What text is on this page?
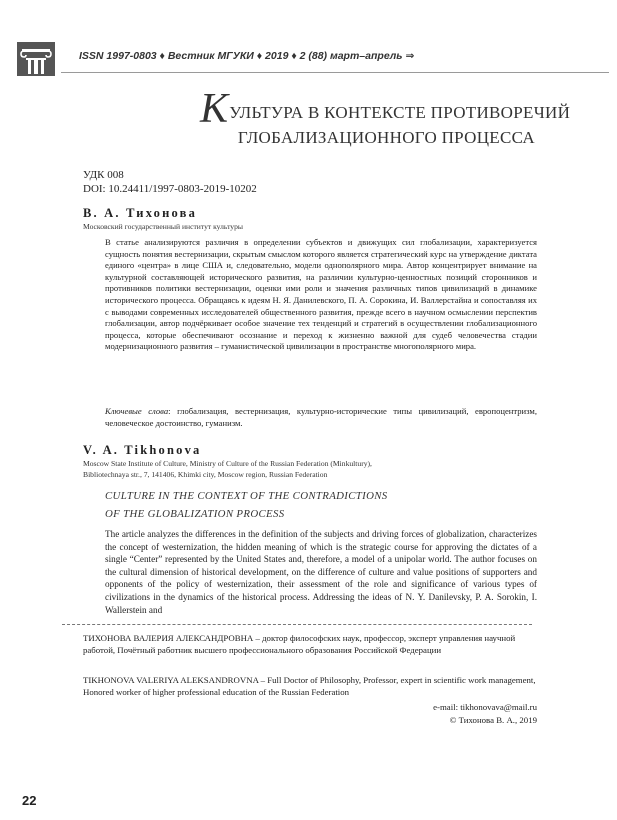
ISSN 1997-0803 ♦ Вестник МГУКИ ♦ 2019 ♦ 2 (88) март–апрель ⇒
КУЛЬТУРА В КОНТЕКСТЕ ПРОТИВОРЕЧИЙ
ГЛОБАЛИЗАЦИОННОГО ПРОЦЕССА
УДК 008
DOI: 10.24411/1997-0803-2019-10202
В. А. Тихонова
Московский государственный институт культуры
В статье анализируются различия в определении субъектов и движущих сил глобализации, характеризуется сущность понятия вестернизации, скрытым смыслом которого является стратегический курс на утверждение диктата единого «центра» в лице США и, следовательно, модели однополярного мира. Автор концентрирует внимание на культурной составляющей исторического развития, на различии культурно-ценностных позиций сторонников и противников политики вестернизации, оценки ими роли и значения различных типов цивилизаций в динамике исторического процесса. Обращаясь к идеям Н. Я. Данилевского, П. А. Сорокина, И. Валлерстайна и сопоставляя их с выводами современных исследователей общественного развития, прежде всего в научном осмыслении перспектив глобализации, автор подчёркивает особое значение тех тенденций и стратегий в осуществлении глобализационного процесса, которые обеспечивают осознание и переход к жизненно важной для судеб человечества стадии модернизационного развития – гуманистической цивилизации в пространстве многополярного мира.
Ключевые слова: глобализация, вестернизация, культурно-исторические типы цивилизаций, европоцентризм, человеческое достоинство, гуманизм.
V. A. Tikhonova
Moscow State Institute of Culture, Ministry of Culture of the Russian Federation (Minkultury),
Bibliotechnaya str., 7, 141406, Khimki city, Moscow region, Russian Federation
CULTURE IN THE CONTEXT OF THE CONTRADICTIONS
OF THE GLOBALIZATION PROCESS
The article analyzes the differences in the definition of the subjects and driving forces of globalization, characterizes the concept of westernization, the hidden meaning of which is the strategic course for approving the dictates of a single “Center” represented by the United States and, therefore, a model of a unipolar world. The author focuses on the cultural dimension of historical development, on the difference of culture and value positions of supporters and opponents of the policy of westernization, their assessment of the role and significance of various types of civilizations in the dynamics of the historical process. Addressing the ideas of N. Y. Danilevsky, P. A. Sorokin, I. Wallerstein and
ТИХОНОВА ВАЛЕРИЯ АЛЕКСАНДРОВНА – доктор философских наук, профессор, эксперт управления научной работой, Почётный работник высшего профессионального образования Российской Федерации
TIKHONOVA VALERIYA ALEKSANDROVNA – Full Doctor of Philosophy, Professor, expert in scientific work management, Honored worker of higher professional education of the Russian Federation
e-mail: tikhonovava@mail.ru
© Тихонова В. А., 2019
22
